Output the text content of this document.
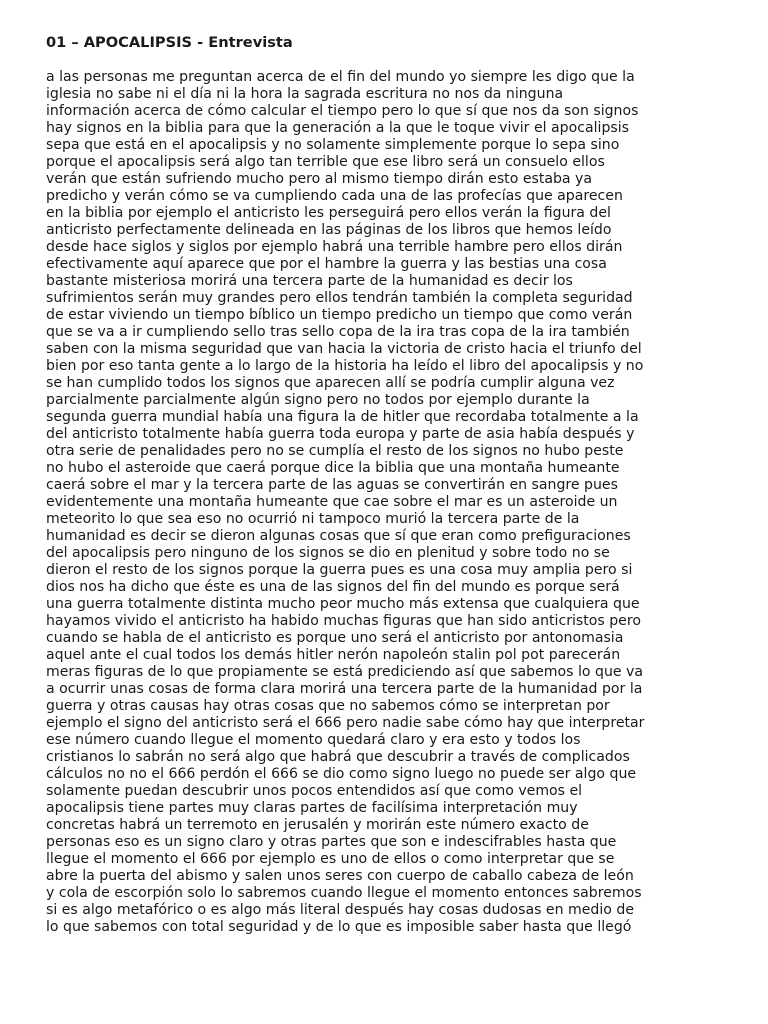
01 – APOCALIPSIS - Entrevista
a las personas me preguntan acerca de el fin del mundo yo siempre les digo que la
iglesia no sabe ni el día ni la hora la sagrada escritura no nos da ninguna
información acerca de cómo calcular el tiempo pero lo que sí que nos da son signos
hay signos en la biblia para que la generación a la que le toque vivir el apocalipsis
sepa que está en el apocalipsis y no solamente simplemente porque lo sepa sino
porque el apocalipsis será algo tan terrible que ese libro será un consuelo ellos
verán que están sufriendo mucho pero al mismo tiempo dirán esto estaba ya
predicho y verán cómo se va cumpliendo cada una de las profecías que aparecen
en la biblia por ejemplo el anticristo les perseguirá pero ellos verán la figura del
anticristo perfectamente delineada en las páginas de los libros que hemos leído
desde hace siglos y siglos por ejemplo habrá una terrible hambre pero ellos dirán
efectivamente aquí aparece que por el hambre la guerra y las bestias una cosa
bastante misteriosa morirá una tercera parte de la humanidad es decir los
sufrimientos serán muy grandes pero ellos tendrán también la completa seguridad
de estar viviendo un tiempo bíblico un tiempo predicho un tiempo que como verán
que se va a ir cumpliendo sello tras sello copa de la ira tras copa de la ira también
saben con la misma seguridad que van hacia la victoria de cristo hacia el triunfo del
bien por eso tanta gente a lo largo de la historia ha leído el libro del apocalipsis y no
se han cumplido todos los signos que aparecen allí se podría cumplir alguna vez
parcialmente parcialmente algún signo pero no todos por ejemplo durante la
segunda guerra mundial había una figura la de hitler que recordaba totalmente a la
del anticristo totalmente había guerra toda europa y parte de asia había después y
otra serie de penalidades pero no se cumplía el resto de los signos no hubo peste
no hubo el asteroide que caerá porque dice la biblia que una montaña humeante
caerá sobre el mar y la tercera parte de las aguas se convertirán en sangre pues
evidentemente una montaña humeante que cae sobre el mar es un asteroide un
meteorito lo que sea eso no ocurrió ni tampoco murió la tercera parte de la
humanidad es decir se dieron algunas cosas que sí que eran como prefiguraciones
del apocalipsis pero ninguno de los signos se dio en plenitud y sobre todo no se
dieron el resto de los signos porque la guerra pues es una cosa muy amplia pero si
dios nos ha dicho que éste es una de las signos del fin del mundo es porque será
una guerra totalmente distinta mucho peor mucho más extensa que cualquiera que
hayamos vivido el anticristo ha habido muchas figuras que han sido anticristos pero
cuando se habla de el anticristo es porque uno será el anticristo por antonomasia
aquel ante el cual todos los demás hitler nerón napoleón stalin pol pot parecerán
meras figuras de lo que propiamente se está prediciendo así que sabemos lo que va
a ocurrir unas cosas de forma clara morirá una tercera parte de la humanidad por la
guerra y otras causas hay otras cosas que no sabemos cómo se interpretan por
ejemplo el signo del anticristo será el 666 pero nadie sabe cómo hay que interpretar
ese número cuando llegue el momento quedará claro y era esto y todos los
cristianos lo sabrán no será algo que habrá que descubrir a través de complicados
cálculos no no el 666 perdón el 666 se dio como signo luego no puede ser algo que
solamente puedan descubrir unos pocos entendidos así que como vemos el
apocalipsis tiene partes muy claras partes de facilísima interpretación muy
concretas habrá un terremoto en jerusalén y morirán este número exacto de
personas eso es un signo claro y otras partes que son e indescifrables hasta que
llegue el momento el 666 por ejemplo es uno de ellos o como interpretar que se
abre la puerta del abismo y salen unos seres con cuerpo de caballo cabeza de león
y cola de escorpión solo lo sabremos cuando llegue el momento entonces sabremos
si es algo metafórico o es algo más literal después hay cosas dudosas en medio de
lo que sabemos con total seguridad y de lo que es imposible saber hasta que llegó
